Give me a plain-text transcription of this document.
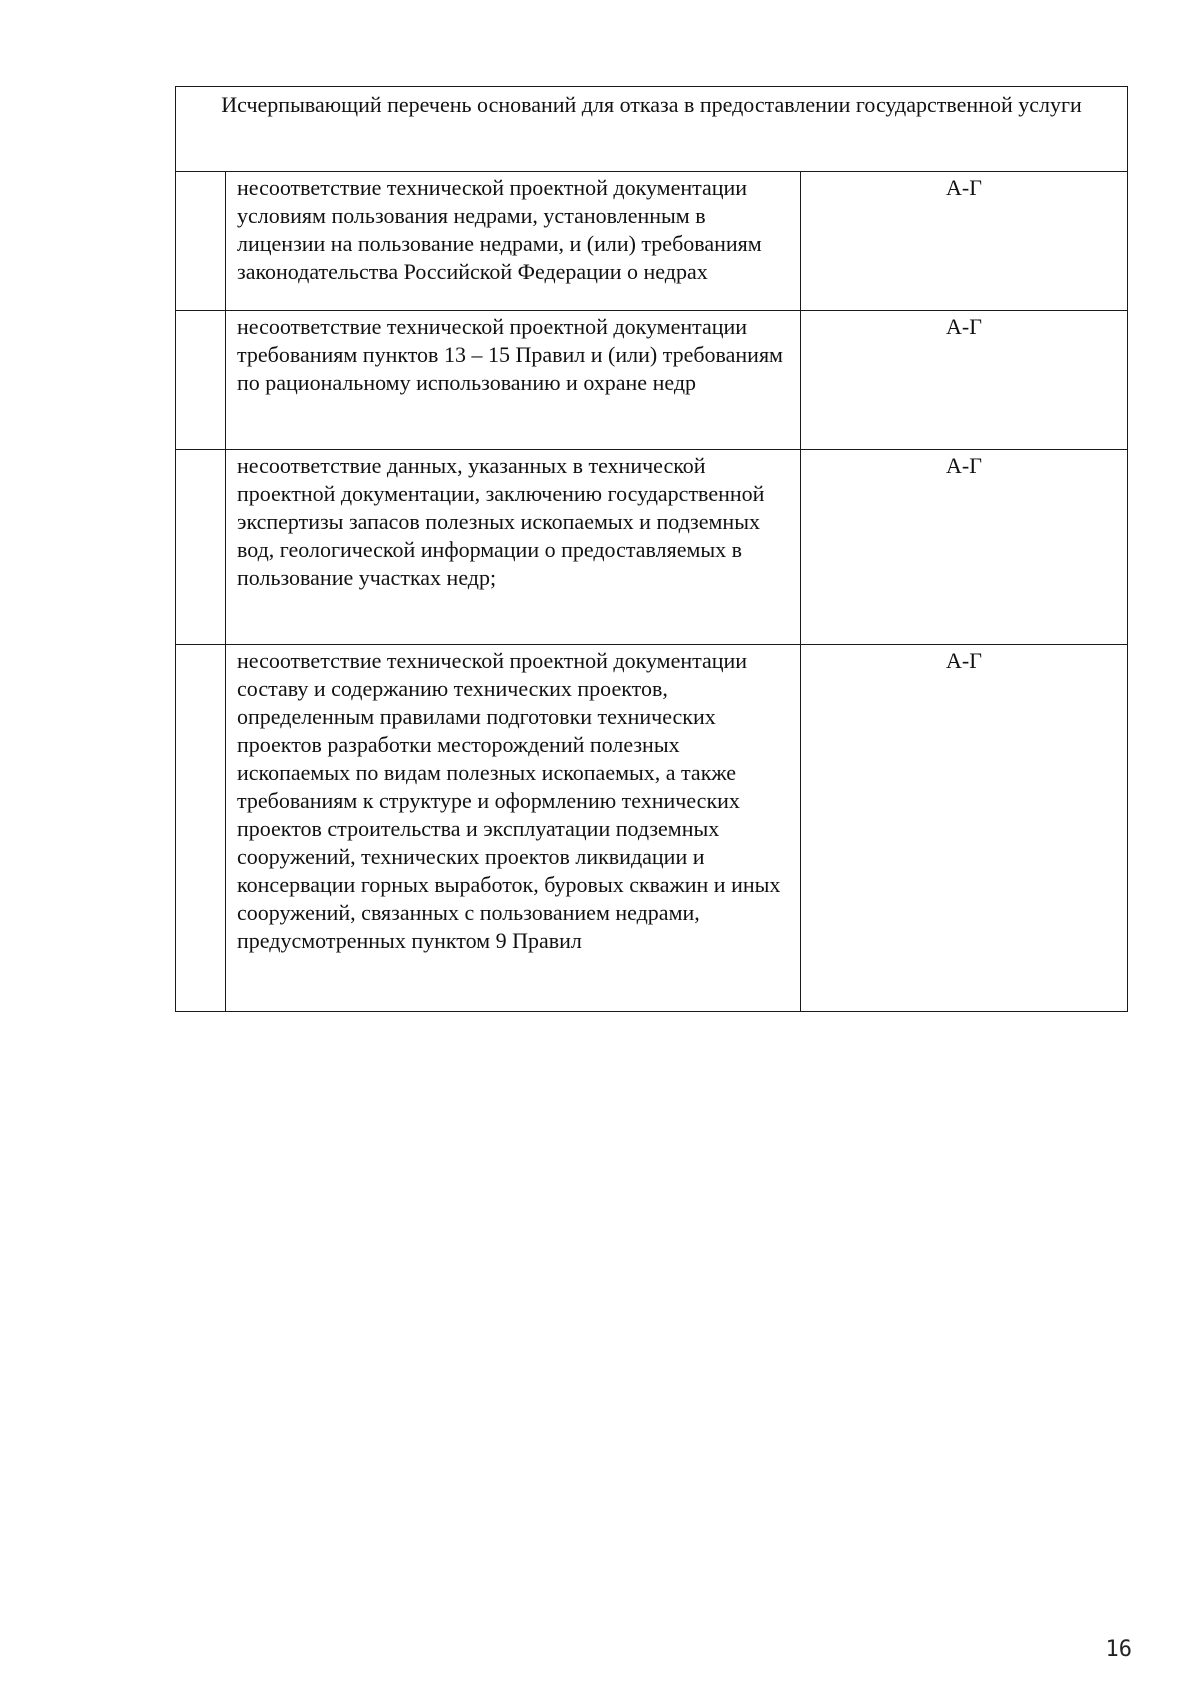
Исчерпывающий перечень оснований для отказа в предоставлении государственной услуги		
	несоответствие технической проектной документации условиям пользования недрами, установленным в лицензии на пользование недрами, и (или) требованиям законодательства Российской Федерации о недрах	А-Г
	несоответствие технической проектной документации требованиям пунктов 13 – 15 Правил и (или) требованиям по рациональному использованию и охране недр	А-Г
	несоответствие данных, указанных в технической проектной документации, заключению государственной экспертизы запасов полезных ископаемых и подземных вод, геологической информации о предоставляемых в пользование участках недр;	А-Г
	несоответствие технической проектной документации составу и содержанию технических проектов, определенным правилами подготовки технических проектов разработки месторождений полезных ископаемых по видам полезных ископаемых, а также требованиям к структуре и оформлению технических проектов строительства и эксплуатации подземных сооружений, технических проектов ликвидации и консервации горных выработок, буровых скважин и иных сооружений, связанных с пользованием недрами, предусмотренных пунктом 9 Правил	А-Г
16
